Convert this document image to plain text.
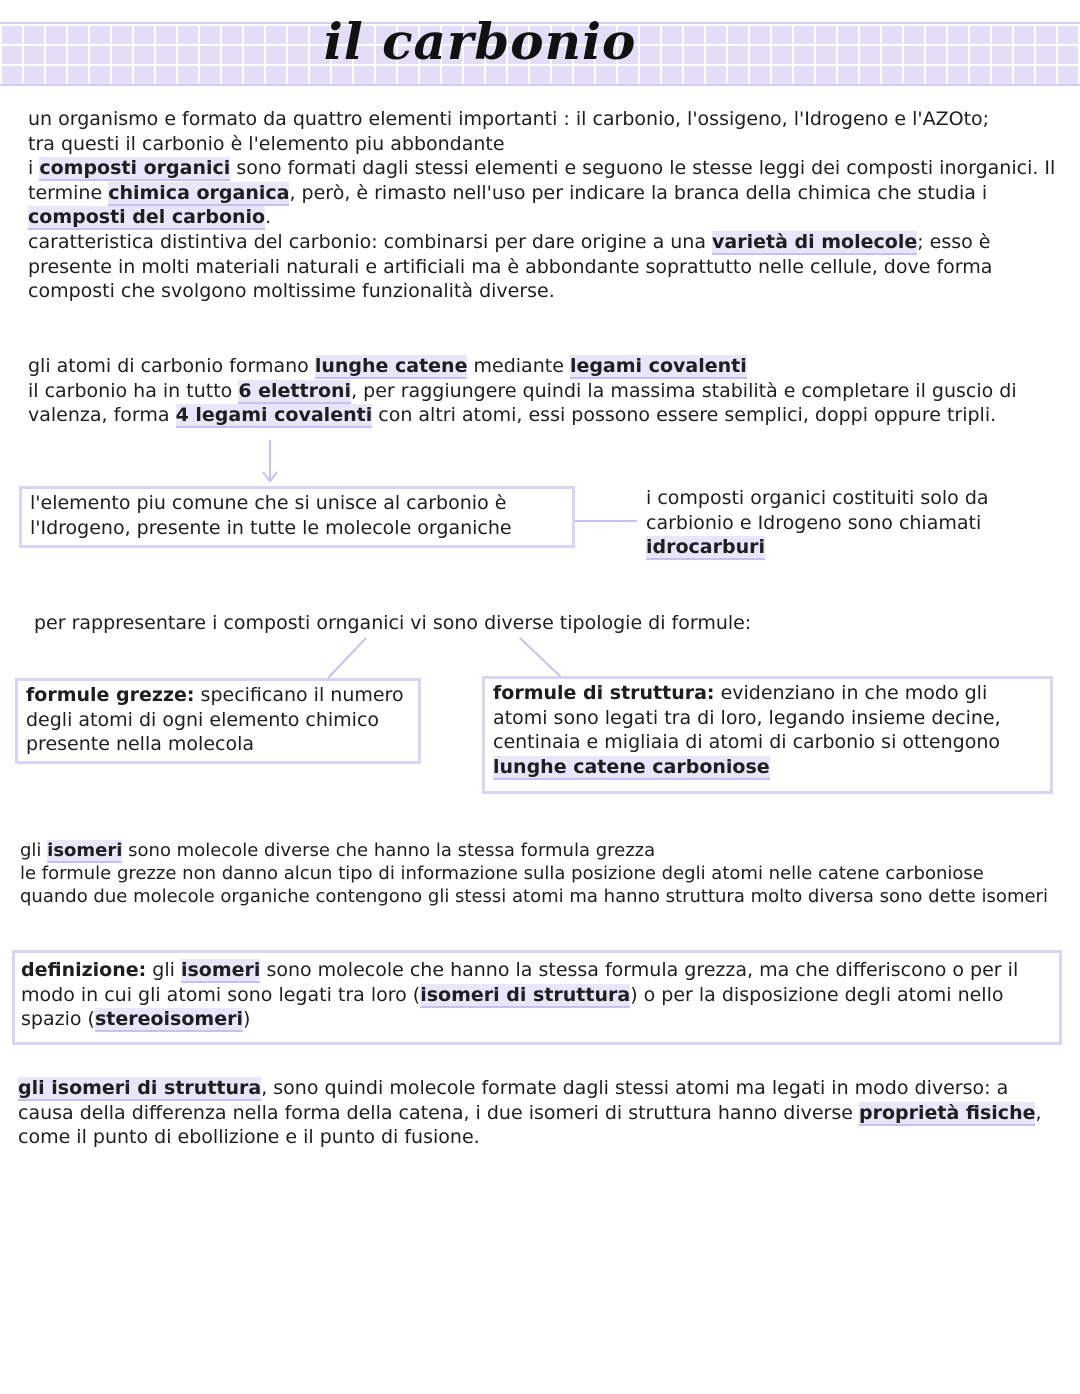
il carbonio

un organismo e formato da quattro elementi importanti : il carbonio, l'ossigeno, l'Idrogeno e l'AZOto;

tra questi il carbonio è l'elemento piu abbondante

i composti organici sono formati dagli stessi elementi e seguono le stesse leggi dei composti inorganici. Il termine chimica organica, però, è rimasto nell'uso per indicare la branca della chimica che studia i composti del carbonio.

caratteristica distintiva del carbonio: combinarsi per dare origine a una varietà di molecole; esso è presente in molti materiali naturali e artificiali ma è abbondante soprattutto nelle cellule, dove forma composti che svolgono moltissime funzionalità diverse.

gli atomi di carbonio formano lunghe catene mediante legami covalenti

il carbonio ha in tutto 6 elettroni, per raggiungere quindi la massima stabilità e completare il guscio di valenza, forma 4 legami covalenti con altri atomi, essi possono essere semplici, doppi oppure tripli.

l'elemento piu comune che si unisce al carbonio è l'Idrogeno, presente in tutte le molecole organiche
i composti organici costituiti solo da carbionio e Idrogeno sono chiamati idrocarburi
per rappresentare i composti ornganici vi sono diverse tipologie di formule:
formule grezze: specificano il numero degli atomi di ogni elemento chimico presente nella molecola
formule di struttura: evidenziano in che modo gli atomi sono legati tra di loro, legando insieme decine, centinaia e migliaia di atomi di carbonio si ottengono lunghe catene carboniose

gli isomeri sono molecole diverse che hanno la stessa formula grezza

le formule grezze non danno alcun tipo di informazione sulla posizione degli atomi nelle catene carboniose

quando due molecole organiche contengono gli stessi atomi ma hanno struttura molto diversa sono dette isomeri

definizione: gli isomeri sono molecole che hanno la stessa formula grezza, ma che differiscono o per il modo in cui gli atomi sono legati tra loro (isomeri di struttura) o per la disposizione degli atomi nello spazio (stereoisomeri)

gli isomeri di struttura, sono quindi molecole formate dagli stessi atomi ma legati in modo diverso: a causa della differenza nella forma della catena, i due isomeri di struttura hanno diverse proprietà fisiche, come il punto di ebollizione e il punto di fusione.
